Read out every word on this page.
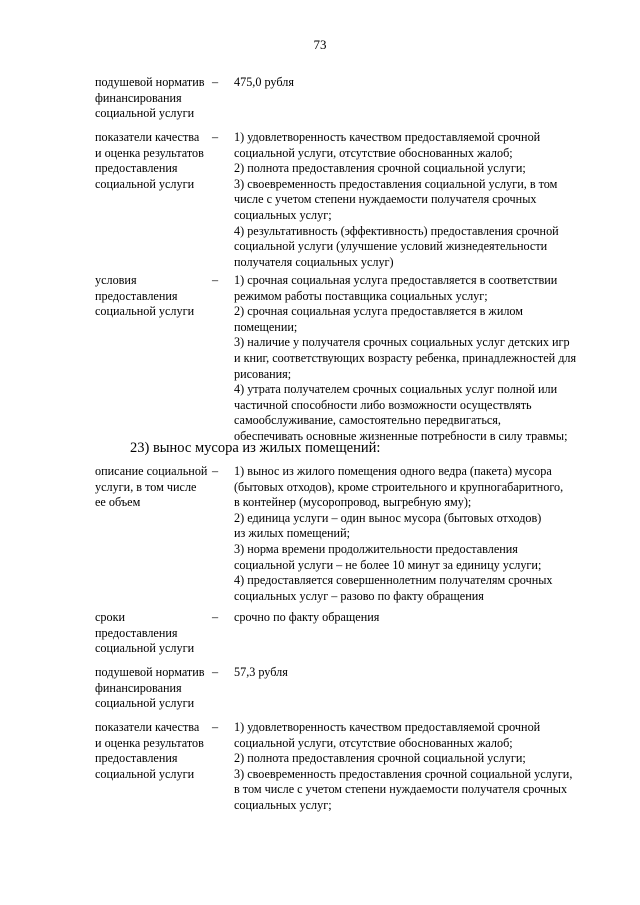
73
подушевой норматив
финансирования
социальной услуги
–	475,0 рубля
показатели качества
и оценка результатов
предоставления
социальной услуги
–	1) удовлетворенность качеством предоставляемой срочной
социальной услуги, отсутствие обоснованных жалоб;
2) полнота предоставления срочной социальной услуги;
3) своевременность предоставления социальной услуги, в том
числе с учетом степени нуждаемости получателя срочных
социальных услуг;
4) результативность (эффективность) предоставления срочной
социальной услуги (улучшение условий жизнедеятельности
получателя социальных услуг)
условия
предоставления
социальной услуги
–	1) срочная социальная услуга предоставляется в соответствии
режимом работы поставщика социальных услуг;
2) срочная социальная услуга предоставляется в жилом
помещении;
3) наличие у получателя срочных социальных услуг детских игр
и книг, соответствующих возрасту ребенка, принадлежностей для
рисования;
4) утрата получателем срочных социальных услуг полной или
частичной способности либо возможности осуществлять
самообслуживание, самостоятельно передвигаться,
обеспечивать основные жизненные потребности в силу травмы;
23) вынос мусора из жилых помещений:
описание социальной
услуги, в том числе
ее объем
–	1) вынос из жилого помещения одного ведра (пакета) мусора
(бытовых отходов), кроме строительного и крупногабаритного,
в контейнер (мусоропровод, выгребную яму);
2) единица услуги – один вынос мусора (бытовых отходов)
из жилых помещений;
3) норма времени продолжительности предоставления
социальной услуги – не более 10 минут за единицу услуги;
4) предоставляется совершеннолетним получателям срочных
социальных услуг – разово по факту обращения
сроки
предоставления
социальной услуги
–	срочно по факту обращения
подушевой норматив
финансирования
социальной услуги
–	57,3 рубля
показатели качества
и оценка результатов
предоставления
социальной услуги
–	1) удовлетворенность качеством предоставляемой срочной
социальной услуги, отсутствие обоснованных жалоб;
2) полнота предоставления срочной социальной услуги;
3) своевременность предоставления срочной социальной услуги,
в том числе с учетом степени нуждаемости получателя срочных
социальных услуг;
